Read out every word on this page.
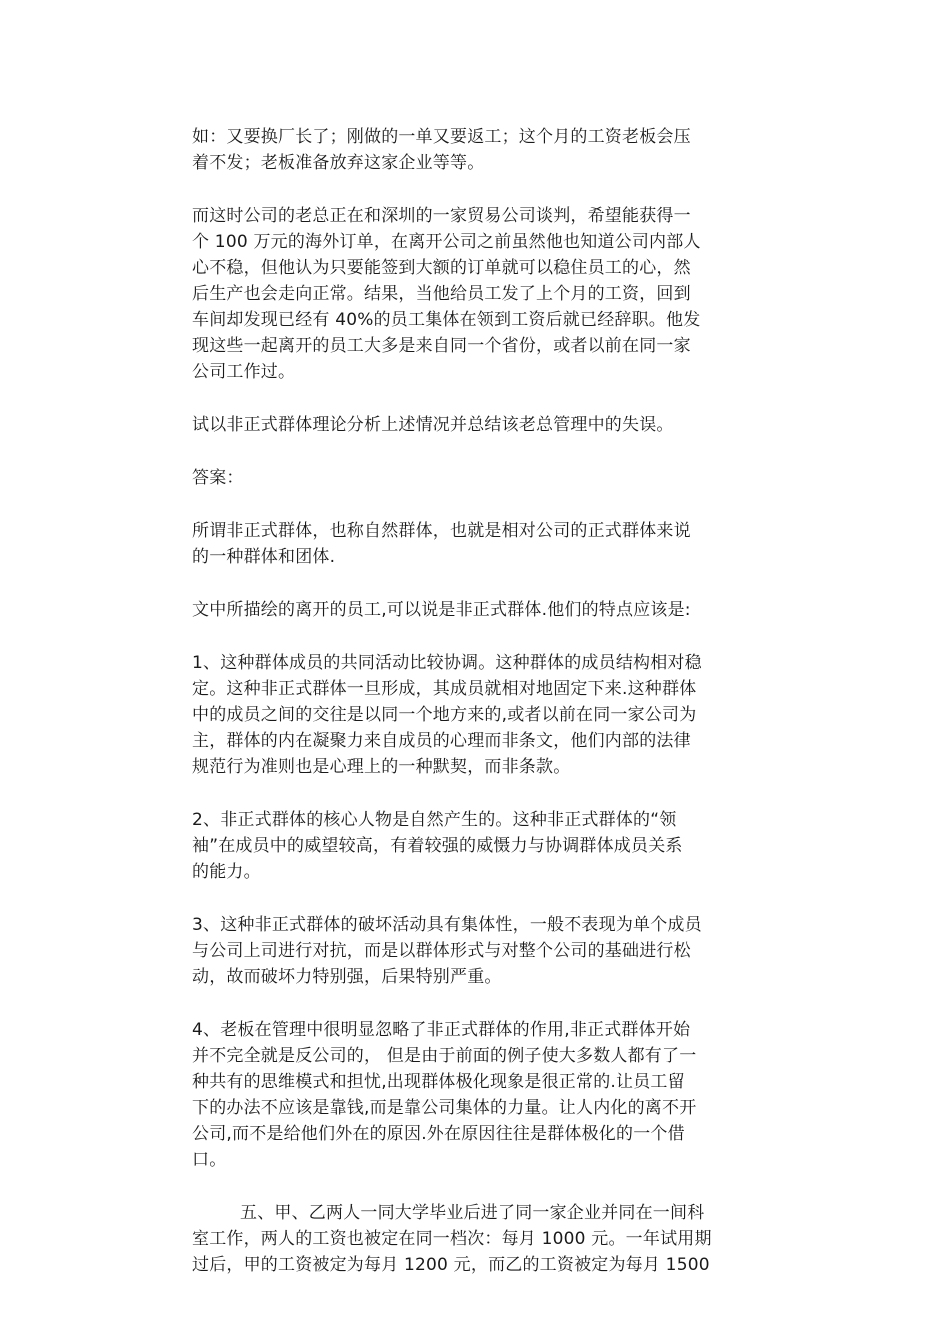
如：又要换厂长了；刚做的一单又要返工；这个月的工资老板会压
着不发；老板准备放弃这家企业等等。

而这时公司的老总正在和深圳的一家贸易公司谈判，希望能获得一
个 100 万元的海外订单，在离开公司之前虽然他也知道公司内部人
心不稳，但他认为只要能签到大额的订单就可以稳住员工的心，然
后生产也会走向正常。结果，当他给员工发了上个月的工资，回到
车间却发现已经有 40%的员工集体在领到工资后就已经辞职。他发
现这些一起离开的员工大多是来自同一个省份，或者以前在同一家
公司工作过。

试以非正式群体理论分析上述情况并总结该老总管理中的失误。

答案：

所谓非正式群体，也称自然群体，也就是相对公司的正式群体来说
的一种群体和团体.

文中所描绘的离开的员工,可以说是非正式群体.他们的特点应该是:

1、这种群体成员的共同活动比较协调。这种群体的成员结构相对稳
定。这种非正式群体一旦形成，其成员就相对地固定下来.这种群体
中的成员之间的交往是以同一个地方来的,或者以前在同一家公司为
主，群体的内在凝聚力来自成员的心理而非条文，他们内部的法律
规范行为准则也是心理上的一种默契，而非条款。

2、非正式群体的核心人物是自然产生的。这种非正式群体的“领
袖”在成员中的威望较高，有着较强的威慑力与协调群体成员关系
的能力。

3、这种非正式群体的破坏活动具有集体性，一般不表现为单个成员
与公司上司进行对抗，而是以群体形式与对整个公司的基础进行松
动，故而破坏力特别强，后果特别严重。

4、老板在管理中很明显忽略了非正式群体的作用,非正式群体开始
并不完全就是反公司的， 但是由于前面的例子使大多数人都有了一
种共有的思维模式和担忧,出现群体极化现象是很正常的.让员工留
下的办法不应该是靠钱,而是靠公司集体的力量。让人内化的离不开
公司,而不是给他们外在的原因.外在原因往往是群体极化的一个借
口。

五、甲、乙两人一同大学毕业后进了同一家企业并同在一间科
室工作，两人的工资也被定在同一档次：每月 1000 元。一年试用期
过后，甲的工资被定为每月 1200 元，而乙的工资被定为每月 1500
